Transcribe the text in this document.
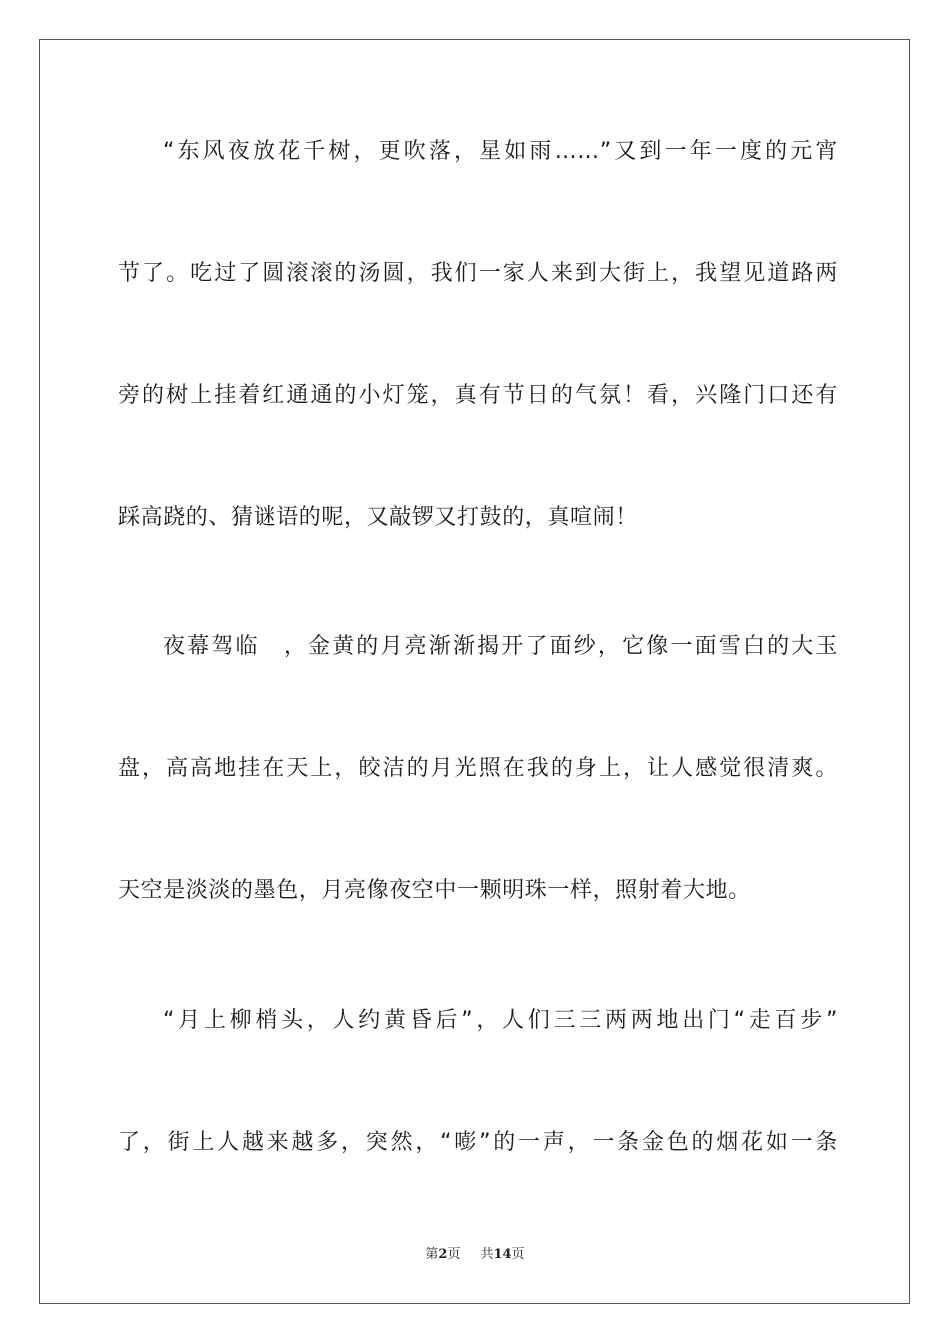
“东风夜放花千树，更吹落，星如雨……”又到一年一度的元宵
节了。吃过了圆滚滚的汤圆，我们一家人来到大街上，我望见道路两
旁的树上挂着红通通的小灯笼，真有节日的气氛！看，兴隆门口还有
踩高跷的、猜谜语的呢，又敲锣又打鼓的，真喧闹！
夜幕驾临　，金黄的月亮渐渐揭开了面纱，它像一面雪白的大玉
盘，高高地挂在天上，皎洁的月光照在我的身上，让人感觉很清爽。
天空是淡淡的墨色，月亮像夜空中一颗明珠一样，照射着大地。
“月上柳梢头，人约黄昏后”，人们三三两两地出门“走百步”
了，街上人越来越多，突然，“嘭”的一声，一条金色的烟花如一条
第2页 共14页
